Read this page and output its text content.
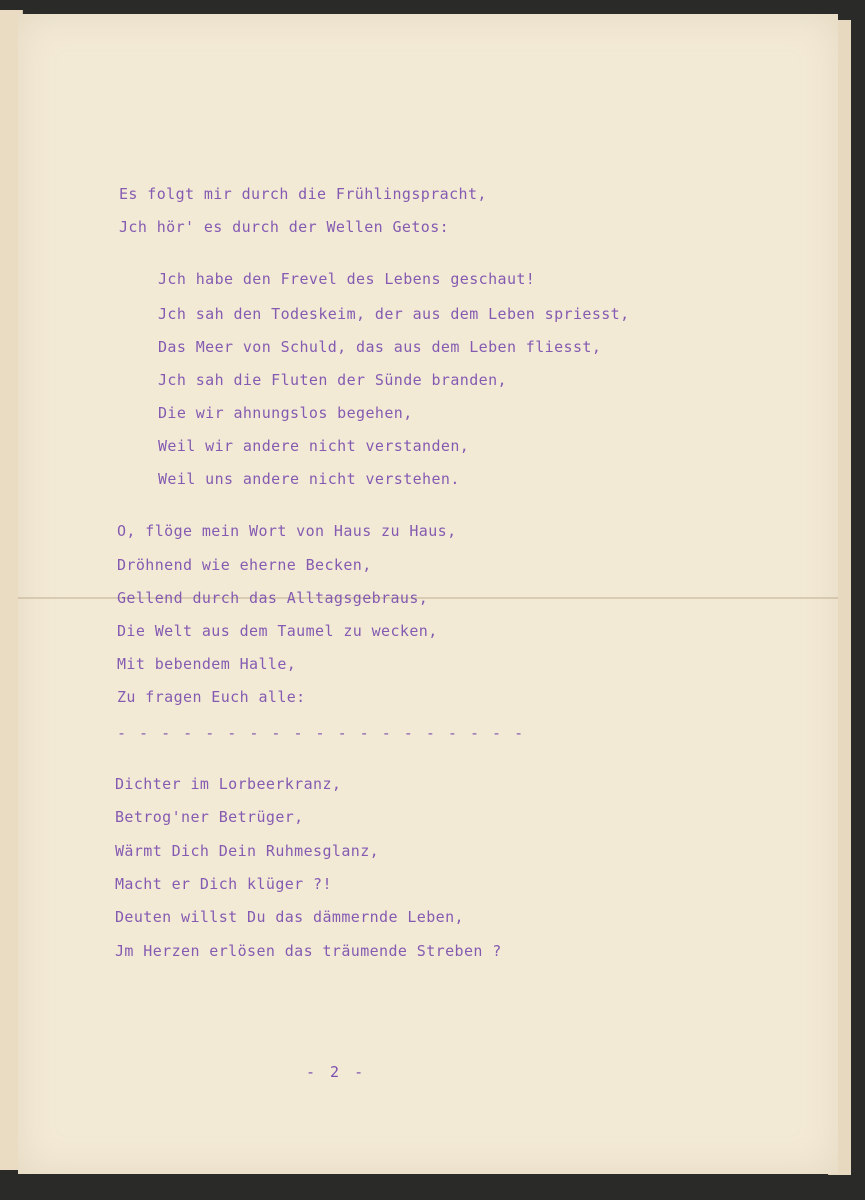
Es folgt mir durch die Frühlingspracht,

Jch hör' es durch der Wellen Getos:

Jch habe den Frevel des Lebens geschaut!

Jch sah den Todeskeim, der aus dem Leben spriesst,

Das Meer von Schuld, das aus dem Leben fliesst,

Jch sah die Fluten der Sünde branden,

Die wir ahnungslos begehen,

Weil wir andere nicht verstanden,

Weil uns andere nicht verstehen.

O, flöge mein Wort von Haus zu Haus,

Dröhnend wie eherne Becken,

Gellend durch das Alltagsgebraus,

Die Welt aus dem Taumel zu wecken,

Mit bebendem Halle,

Zu fragen Euch alle:

- - - - - - - - - - - - - - - - - - -

Dichter im Lorbeerkranz,

Betrog'ner Betrüger,

Wärmt Dich Dein Ruhmesglanz,

Macht er Dich klüger ?!

Deuten willst Du das dämmernde Leben,

Jm Herzen erlösen das träumende Streben ?

- 2 -
